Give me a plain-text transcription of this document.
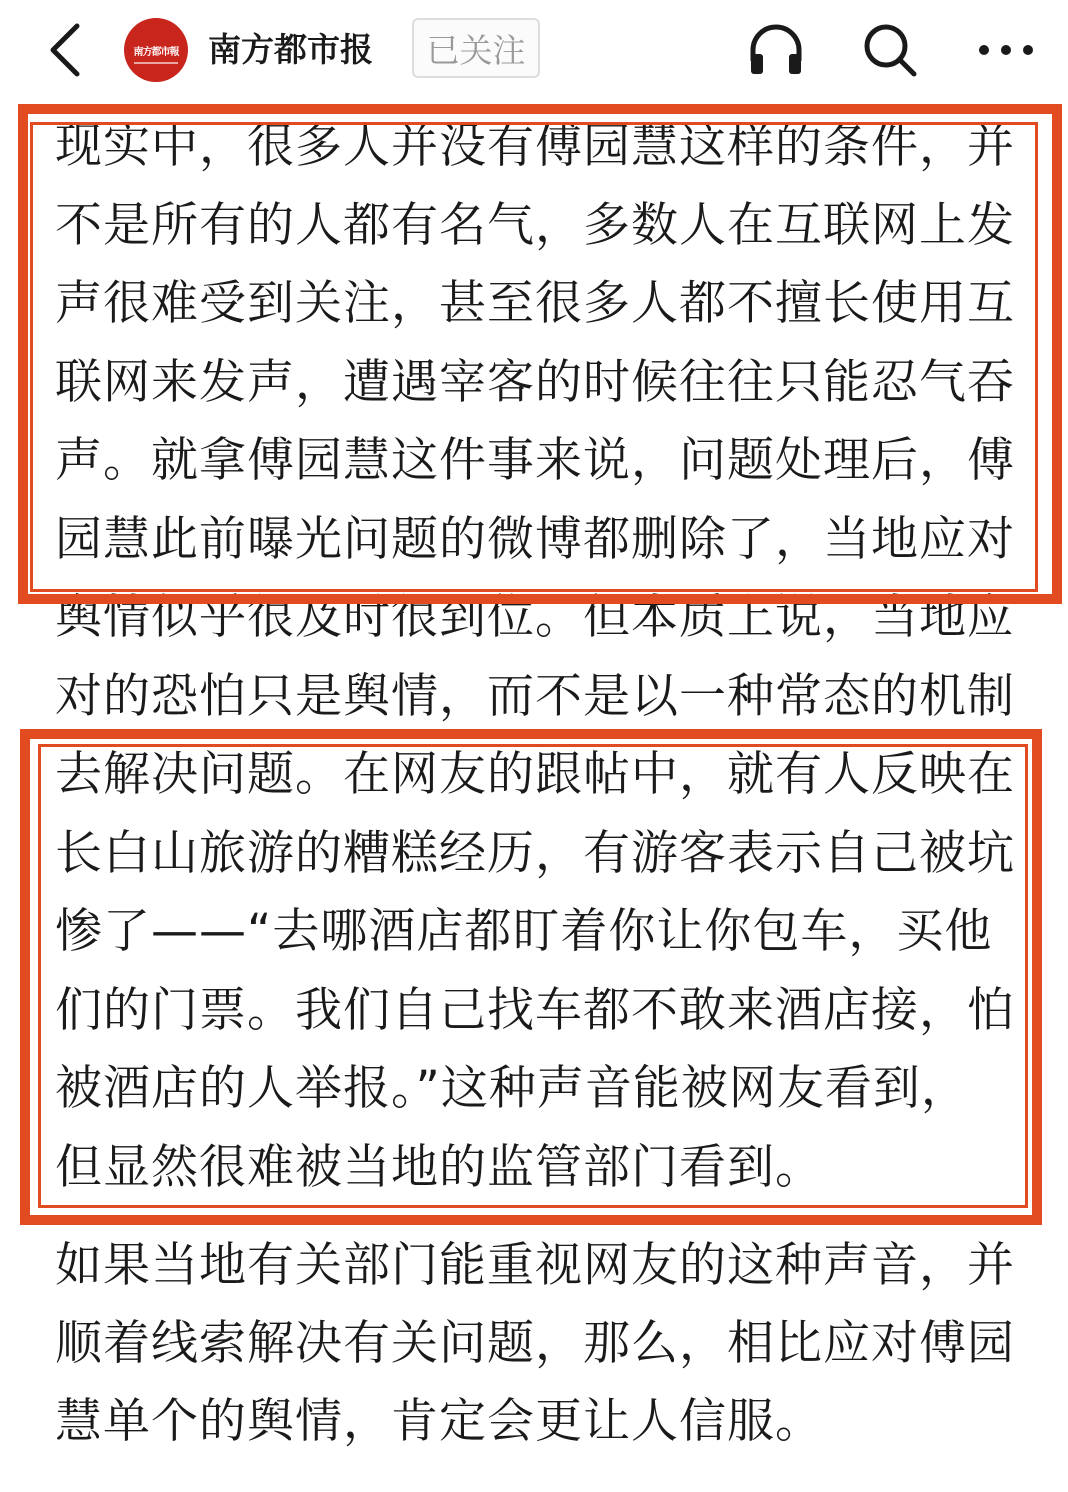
南方都市報 南方都市报	已关注
现实中，很多人并没有傅园慧这样的条件，并
不是所有的人都有名气，多数人在互联网上发
声很难受到关注，甚至很多人都不擅长使用互
联网来发声，遭遇宰客的时候往往只能忍气吞
声。就拿傅园慧这件事来说，问题处理后，傅
园慧此前曝光问题的微博都删除了，当地应对
舆情似乎很及时很到位。但本质上说，当地应
对的恐怕只是舆情，而不是以一种常态的机制
去解决问题。在网友的跟帖中，就有人反映在
长白山旅游的糟糕经历，有游客表示自己被坑
惨了——“去哪酒店都盯着你让你包车，买他
们的门票。我们自己找车都不敢来酒店接，怕
被酒店的人举报。”这种声音能被网友看到，
但显然很难被当地的监管部门看到。
如果当地有关部门能重视网友的这种声音，并
顺着线索解决有关问题，那么，相比应对傅园
慧单个的舆情，肯定会更让人信服。
